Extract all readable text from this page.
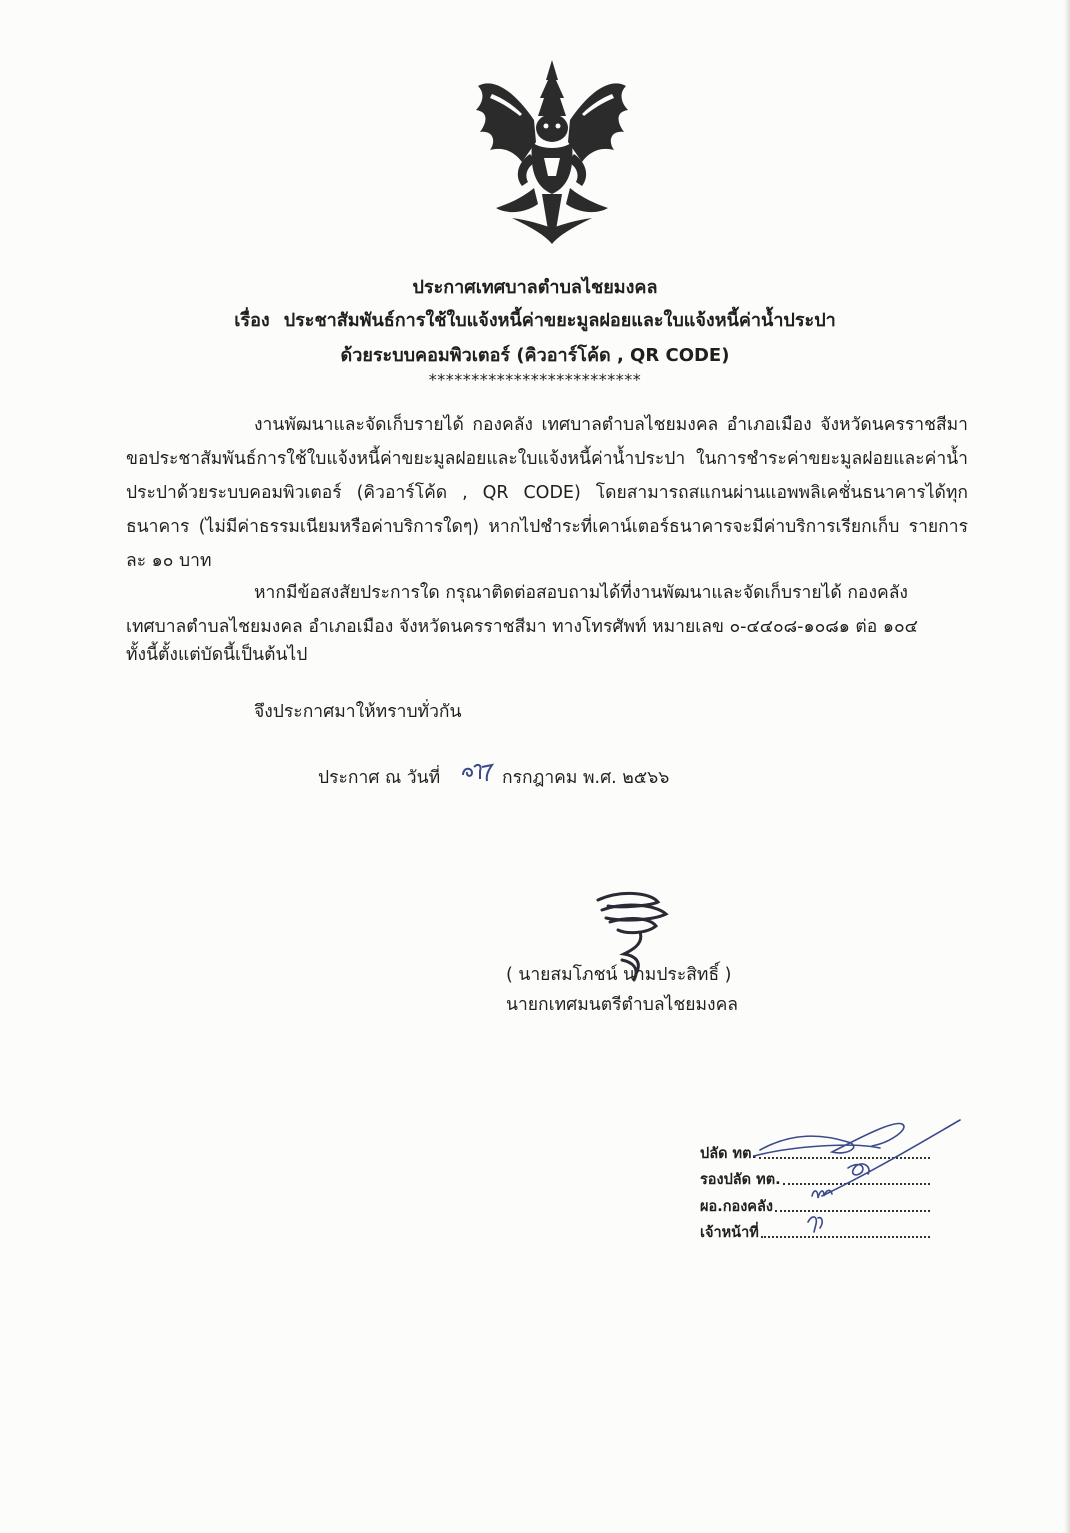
ประกาศเทศบาลตำบลไชยมงคล
เรื่อง ประชาสัมพันธ์การใช้ใบแจ้งหนี้ค่าขยะมูลฝอยและใบแจ้งหนี้ค่าน้ำประปา
ด้วยระบบคอมพิวเตอร์ (คิวอาร์โค้ด , QR CODE)
*************************
งานพัฒนาและจัดเก็บรายได้ กองคลัง เทศบาลตำบลไชยมงคล อำเภอเมือง จังหวัดนครราชสีมา ขอประชาสัมพันธ์การใช้ใบแจ้งหนี้ค่าขยะมูลฝอยและใบแจ้งหนี้ค่าน้ำประปา ในการชำระค่าขยะมูลฝอยและค่าน้ำประปาด้วยระบบคอมพิวเตอร์ (คิวอาร์โค้ด , QR CODE) โดยสามารถสแกนผ่านแอพพลิเคชั่นธนาคารได้ทุกธนาคาร (ไม่มีค่าธรรมเนียมหรือค่าบริการใดๆ) หากไปชำระที่เคาน์เตอร์ธนาคารจะมีค่าบริการเรียกเก็บ รายการละ ๑๐ บาท
หากมีข้อสงสัยประการใด กรุณาติดต่อสอบถามได้ที่งานพัฒนาและจัดเก็บรายได้ กองคลัง
เทศบาลตำบลไชยมงคล อำเภอเมือง จังหวัดนครราชสีมา ทางโทรศัพท์ หมายเลข ๐-๔๔๐๘-๑๐๘๑ ต่อ ๑๐๔
ทั้งนี้ตั้งแต่บัดนี้เป็นต้นไป
จึงประกาศมาให้ทราบทั่วกัน
ประกาศ ณ วันที่	กรกฎาคม พ.ศ. ๒๕๖๖
( นายสมโภชน์ นามประสิทธิ์ )
นายกเทศมนตรีตำบลไชยมงคล
ปลัด ทต.
รองปลัด ทต.
ผอ.กองคลัง
เจ้าหน้าที่
